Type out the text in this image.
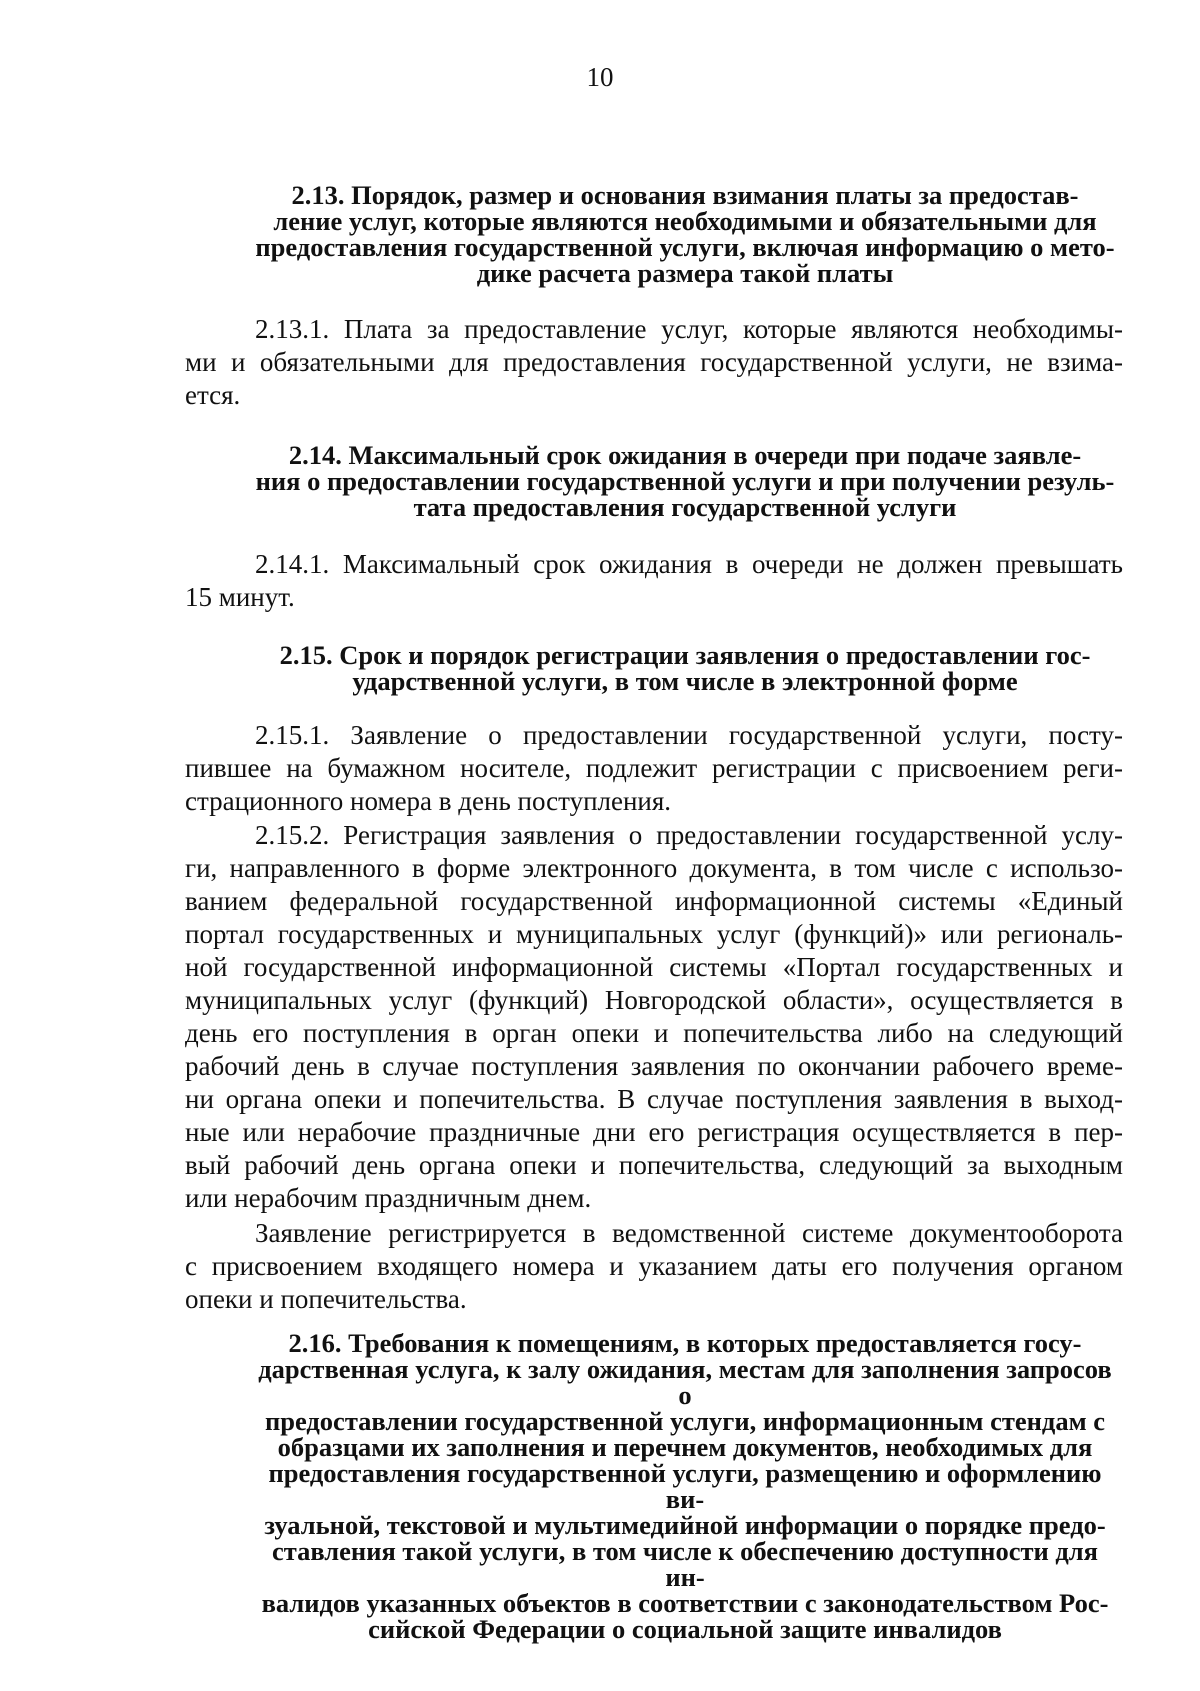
10
2.13. Порядок, размер и основания взимания платы за предостав-
ление услуг, которые являются необходимыми и обязательными для
предоставления государственной услуги, включая информацию о мето-
дике расчета размера такой платы
2.13.1. Плата за предоставление услуг, которые являются необходимы-
ми и обязательными для предоставления государственной услуги, не взима-
ется.
2.14. Максимальный срок ожидания в очереди при подаче заявле-
ния о предоставлении государственной услуги и при получении резуль-
тата предоставления государственной услуги
2.14.1. Максимальный срок ожидания в очереди не должен превышать
15 минут.
2.15. Срок и порядок регистрации заявления о предоставлении гос-
ударственной услуги, в том числе в электронной форме
2.15.1. Заявление о предоставлении государственной услуги, посту-
пившее на бумажном носителе, подлежит регистрации с присвоением реги-
страционного номера в день поступления.
2.15.2. Регистрация заявления о предоставлении государственной услу-
ги, направленного в форме электронного документа, в том числе с использо-
ванием федеральной государственной информационной системы «Единый
портал государственных и муниципальных услуг (функций)» или региональ-
ной государственной информационной системы «Портал государственных и
муниципальных услуг (функций) Новгородской области», осуществляется в
день его поступления в орган опеки и попечительства либо на следующий
рабочий день в случае поступления заявления по окончании рабочего време-
ни органа опеки и попечительства. В случае поступления заявления в выход-
ные или нерабочие праздничные дни его регистрация осуществляется в пер-
вый рабочий день органа опеки и попечительства, следующий за выходным
или нерабочим праздничным днем.
Заявление регистрируется в ведомственной системе документооборота
с присвоением входящего номера и указанием даты его получения органом
опеки и попечительства.
2.16. Требования к помещениям, в которых предоставляется госу-
дарственная услуга, к залу ожидания, местам для заполнения запросов о
предоставлении государственной услуги, информационным стендам с
образцами их заполнения и перечнем документов, необходимых для
предоставления государственной услуги, размещению и оформлению ви-
зуальной, текстовой и мультимедийной информации о порядке предо-
ставления такой услуги, в том числе к обеспечению доступности для ин-
валидов указанных объектов в соответствии с законодательством Рос-
сийской Федерации о социальной защите инвалидов
